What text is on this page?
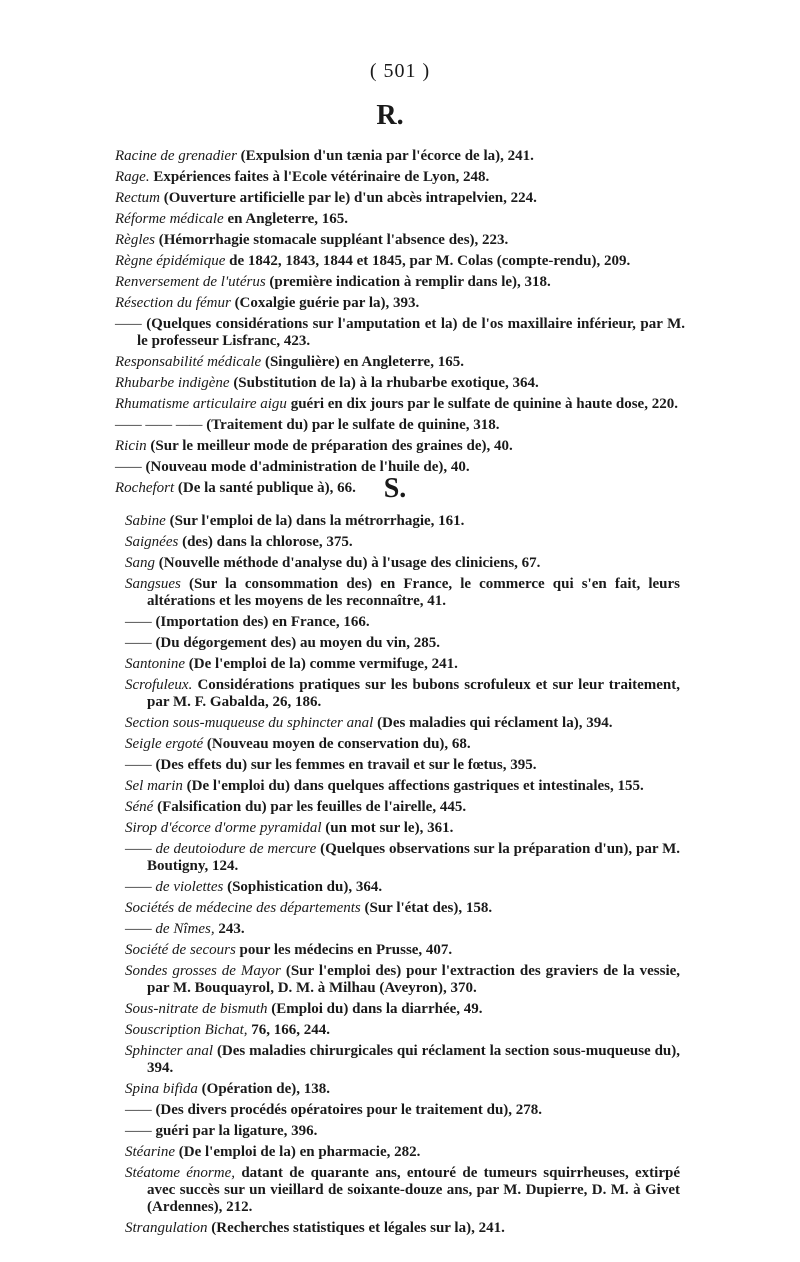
( 501 )
R.

Racine de grenadier (Expulsion d'un tænia par l'écorce de la), 241.

Rage. Expériences faites à l'Ecole vétérinaire de Lyon, 248.

Rectum (Ouverture artificielle par le) d'un abcès intrapelvien, 224.

Réforme médicale en Angleterre, 165.

Règles (Hémorrhagie stomacale suppléant l'absence des), 223.

Règne épidémique de 1842, 1843, 1844 et 1845, par M. Colas (compte-rendu), 209.

Renversement de l'utérus (première indication à remplir dans le), 318.

Résection du fémur (Coxalgie guérie par la), 393.

—— (Quelques considérations sur l'amputation et la) de l'os maxillaire inférieur, par M. le professeur Lisfranc, 423.

Responsabilité médicale (Singulière) en Angleterre, 165.

Rhubarbe indigène (Substitution de la) à la rhubarbe exotique, 364.

Rhumatisme articulaire aigu guéri en dix jours par le sulfate de quinine à haute dose, 220.

—— —— —— (Traitement du) par le sulfate de quinine, 318.

Ricin (Sur le meilleur mode de préparation des graines de), 40.

—— (Nouveau mode d'administration de l'huile de), 40.

Rochefort (De la santé publique à), 66. S.

Sabine (Sur l'emploi de la) dans la métrorrhagie, 161.

Saignées (des) dans la chlorose, 375.

Sang (Nouvelle méthode d'analyse du) à l'usage des cliniciens, 67.

Sangsues (Sur la consommation des) en France, le commerce qui s'en fait, leurs altérations et les moyens de les reconnaître, 41.

—— (Importation des) en France, 166.

—— (Du dégorgement des) au moyen du vin, 285.

Santonine (De l'emploi de la) comme vermifuge, 241.

Scrofuleux. Considérations pratiques sur les bubons scrofuleux et sur leur traitement, par M. F. Gabalda, 26, 186.

Section sous-muqueuse du sphincter anal (Des maladies qui réclament la), 394.

Seigle ergoté (Nouveau moyen de conservation du), 68.

—— (Des effets du) sur les femmes en travail et sur le fœtus, 395.

Sel marin (De l'emploi du) dans quelques affections gastriques et intestinales, 155.

Séné (Falsification du) par les feuilles de l'airelle, 445.

Sirop d'écorce d'orme pyramidal (un mot sur le), 361.

—— de deutoiodure de mercure (Quelques observations sur la préparation d'un), par M. Boutigny, 124.

—— de violettes (Sophistication du), 364.

Sociétés de médecine des départements (Sur l'état des), 158.

—— de Nîmes, 243.

Société de secours pour les médecins en Prusse, 407.

Sondes grosses de Mayor (Sur l'emploi des) pour l'extraction des graviers de la vessie, par M. Bouquayrol, D. M. à Milhau (Aveyron), 370.

Sous-nitrate de bismuth (Emploi du) dans la diarrhée, 49.

Souscription Bichat, 76, 166, 244.

Sphincter anal (Des maladies chirurgicales qui réclament la section sous-muqueuse du), 394.

Spina bifida (Opération de), 138.

—— (Des divers procédés opératoires pour le traitement du), 278.

—— guéri par la ligature, 396.

Stéarine (De l'emploi de la) en pharmacie, 282.

Stéatome énorme, datant de quarante ans, entouré de tumeurs squirrheuses, extirpé avec succès sur un vieillard de soixante-douze ans, par M. Dupierre, D. M. à Givet (Ardennes), 212.

Strangulation (Recherches statistiques et légales sur la), 241.
